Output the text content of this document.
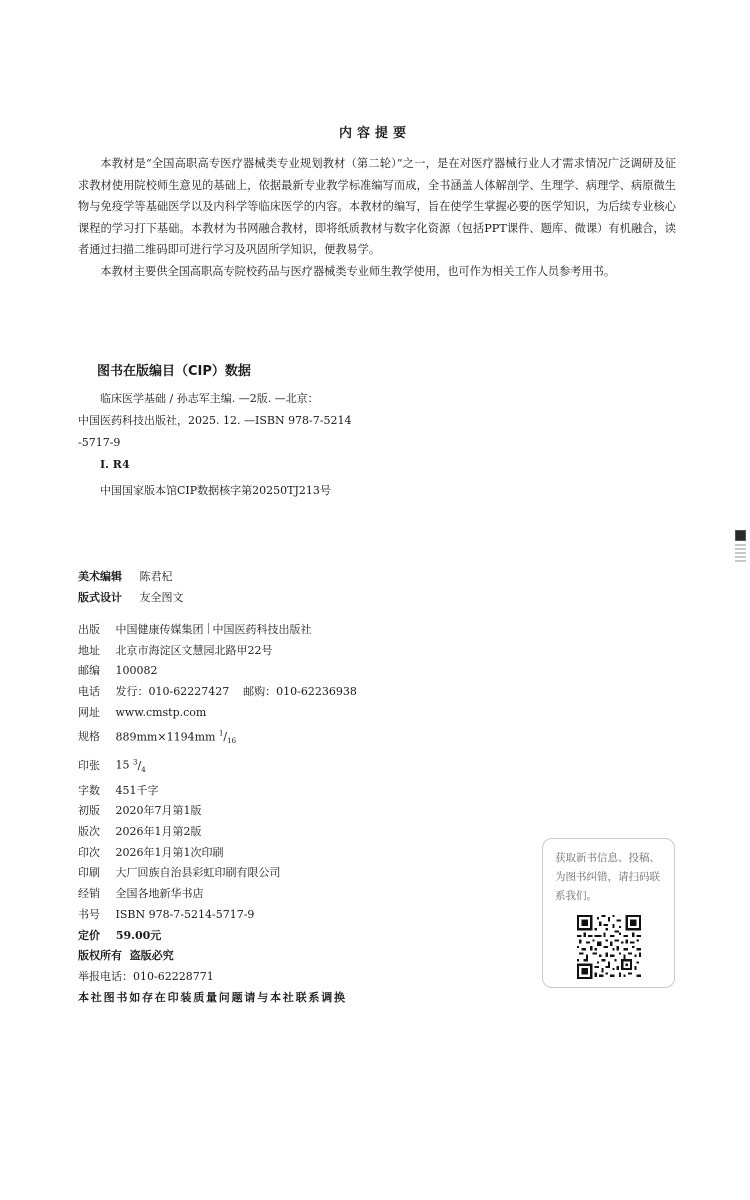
内容提要

本教材是“全国高职高专医疗器械类专业规划教材（第二轮）”之一，是在对医疗器械行业人才需求情况广泛调研及征求教材使用院校师生意见的基础上，依据最新专业教学标准编写而成，全书涵盖人体解剖学、生理学、病理学、病原微生物与免疫学等基础医学以及内科学等临床医学的内容。本教材的编写，旨在使学生掌握必要的医学知识，为后续专业核心课程的学习打下基础。本教材为书网融合教材，即将纸质教材与数字化资源（包括PPT课件、题库、微课）有机融合，读者通过扫描二维码即可进行学习及巩固所学知识，便教易学。

本教材主要供全国高职高专院校药品与医疗器械类专业师生教学使用，也可作为相关工作人员参考用书。

图书在版编目（CIP）数据
临床医学基础 / 孙志军主编. —2版. —北京：
中国医药科技出版社，2025. 12. —ISBN 978-7-5214
-5717-9
Ⅰ. R4
中国国家版本馆CIP数据核字第20250TJ213号
美术编辑 陈君杞
版式设计 友全图文
出版 中国健康传媒集团 中国医药科技出版社
地址 北京市海淀区文慧园北路甲22号
邮编 100082
电话 发行：010-62227427    邮购：010-62236938
网址 www.cmstp.com
规格 889mm×1194mm $^1/_{16}$
印张 15 $^3/_4$
字数 451千字
初版 2020年7月第1版
版次 2026年1月第2版
印次 2026年1月第1次印刷
印刷 大厂回族自治县彩虹印刷有限公司
经销 全国各地新华书店
书号 ISBN 978-7-5214-5717-9
定价 59.00元
版权所有  盗版必究
举报电话：010-62228771
本社图书如存在印装质量问题请与本社联系调换
获取新书信息、投稿、为图书纠错，请扫码联系我们。
